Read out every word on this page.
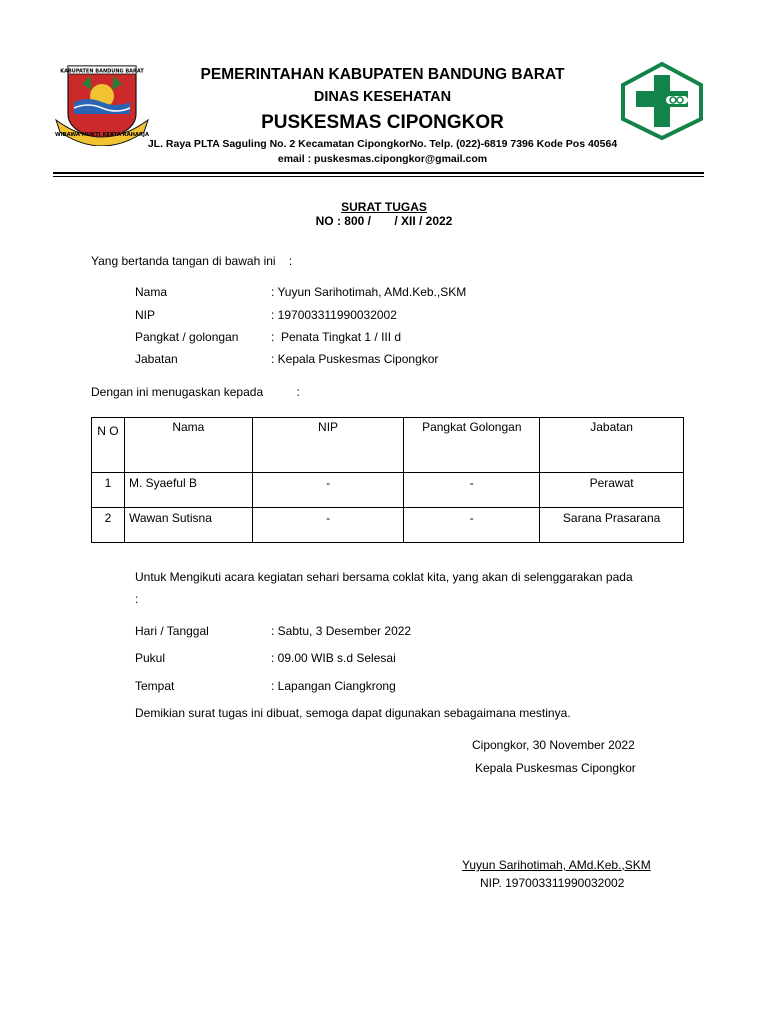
KABUPATEN BANDUNG BARAT
WIBAWA MUKTI KERTA RAHARJA
PEMERINTAHAN KABUPATEN BANDUNG BARAT
DINAS KESEHATAN
PUSKESMAS CIPONGKOR
JL. Raya PLTA Saguling No. 2 Kecamatan CipongkorNo. Telp. (022)-6819 7396 Kode Pos 40564
email : puskesmas.cipongkor@gmail.com
SURAT TUGAS
NO : 800 /       / XII / 2022
Yang bertanda tangan di bawah ini    :
Nama	: Yuyun Sarihotimah, AMd.Keb.,SKM
NIP	: 197003311990032002
Pangkat / golongan	:  Penata Tingkat 1 / III d
Jabatan	: Kepala Puskesmas Cipongkor
Dengan ini menugaskan kepada          :
N O	Nama	NIP	Pangkat Golongan	Jabatan
1	M. Syaeful B	-	-	Perawat
2	Wawan Sutisna	-	-	Sarana Prasarana
Untuk Mengikuti acara kegiatan sehari bersama coklat kita, yang akan di selenggarakan pada
:
Hari / Tanggal	: Sabtu, 3 Desember 2022
Pukul	: 09.00 WIB s.d Selesai
Tempat	: Lapangan Ciangkrong
Demikian surat tugas ini dibuat, semoga dapat digunakan sebagaimana mestinya.
Cipongkor, 30 November 2022
Kepala Puskesmas Cipongkor
Yuyun Sarihotimah, AMd.Keb.,SKM
NIP. 197003311990032002
